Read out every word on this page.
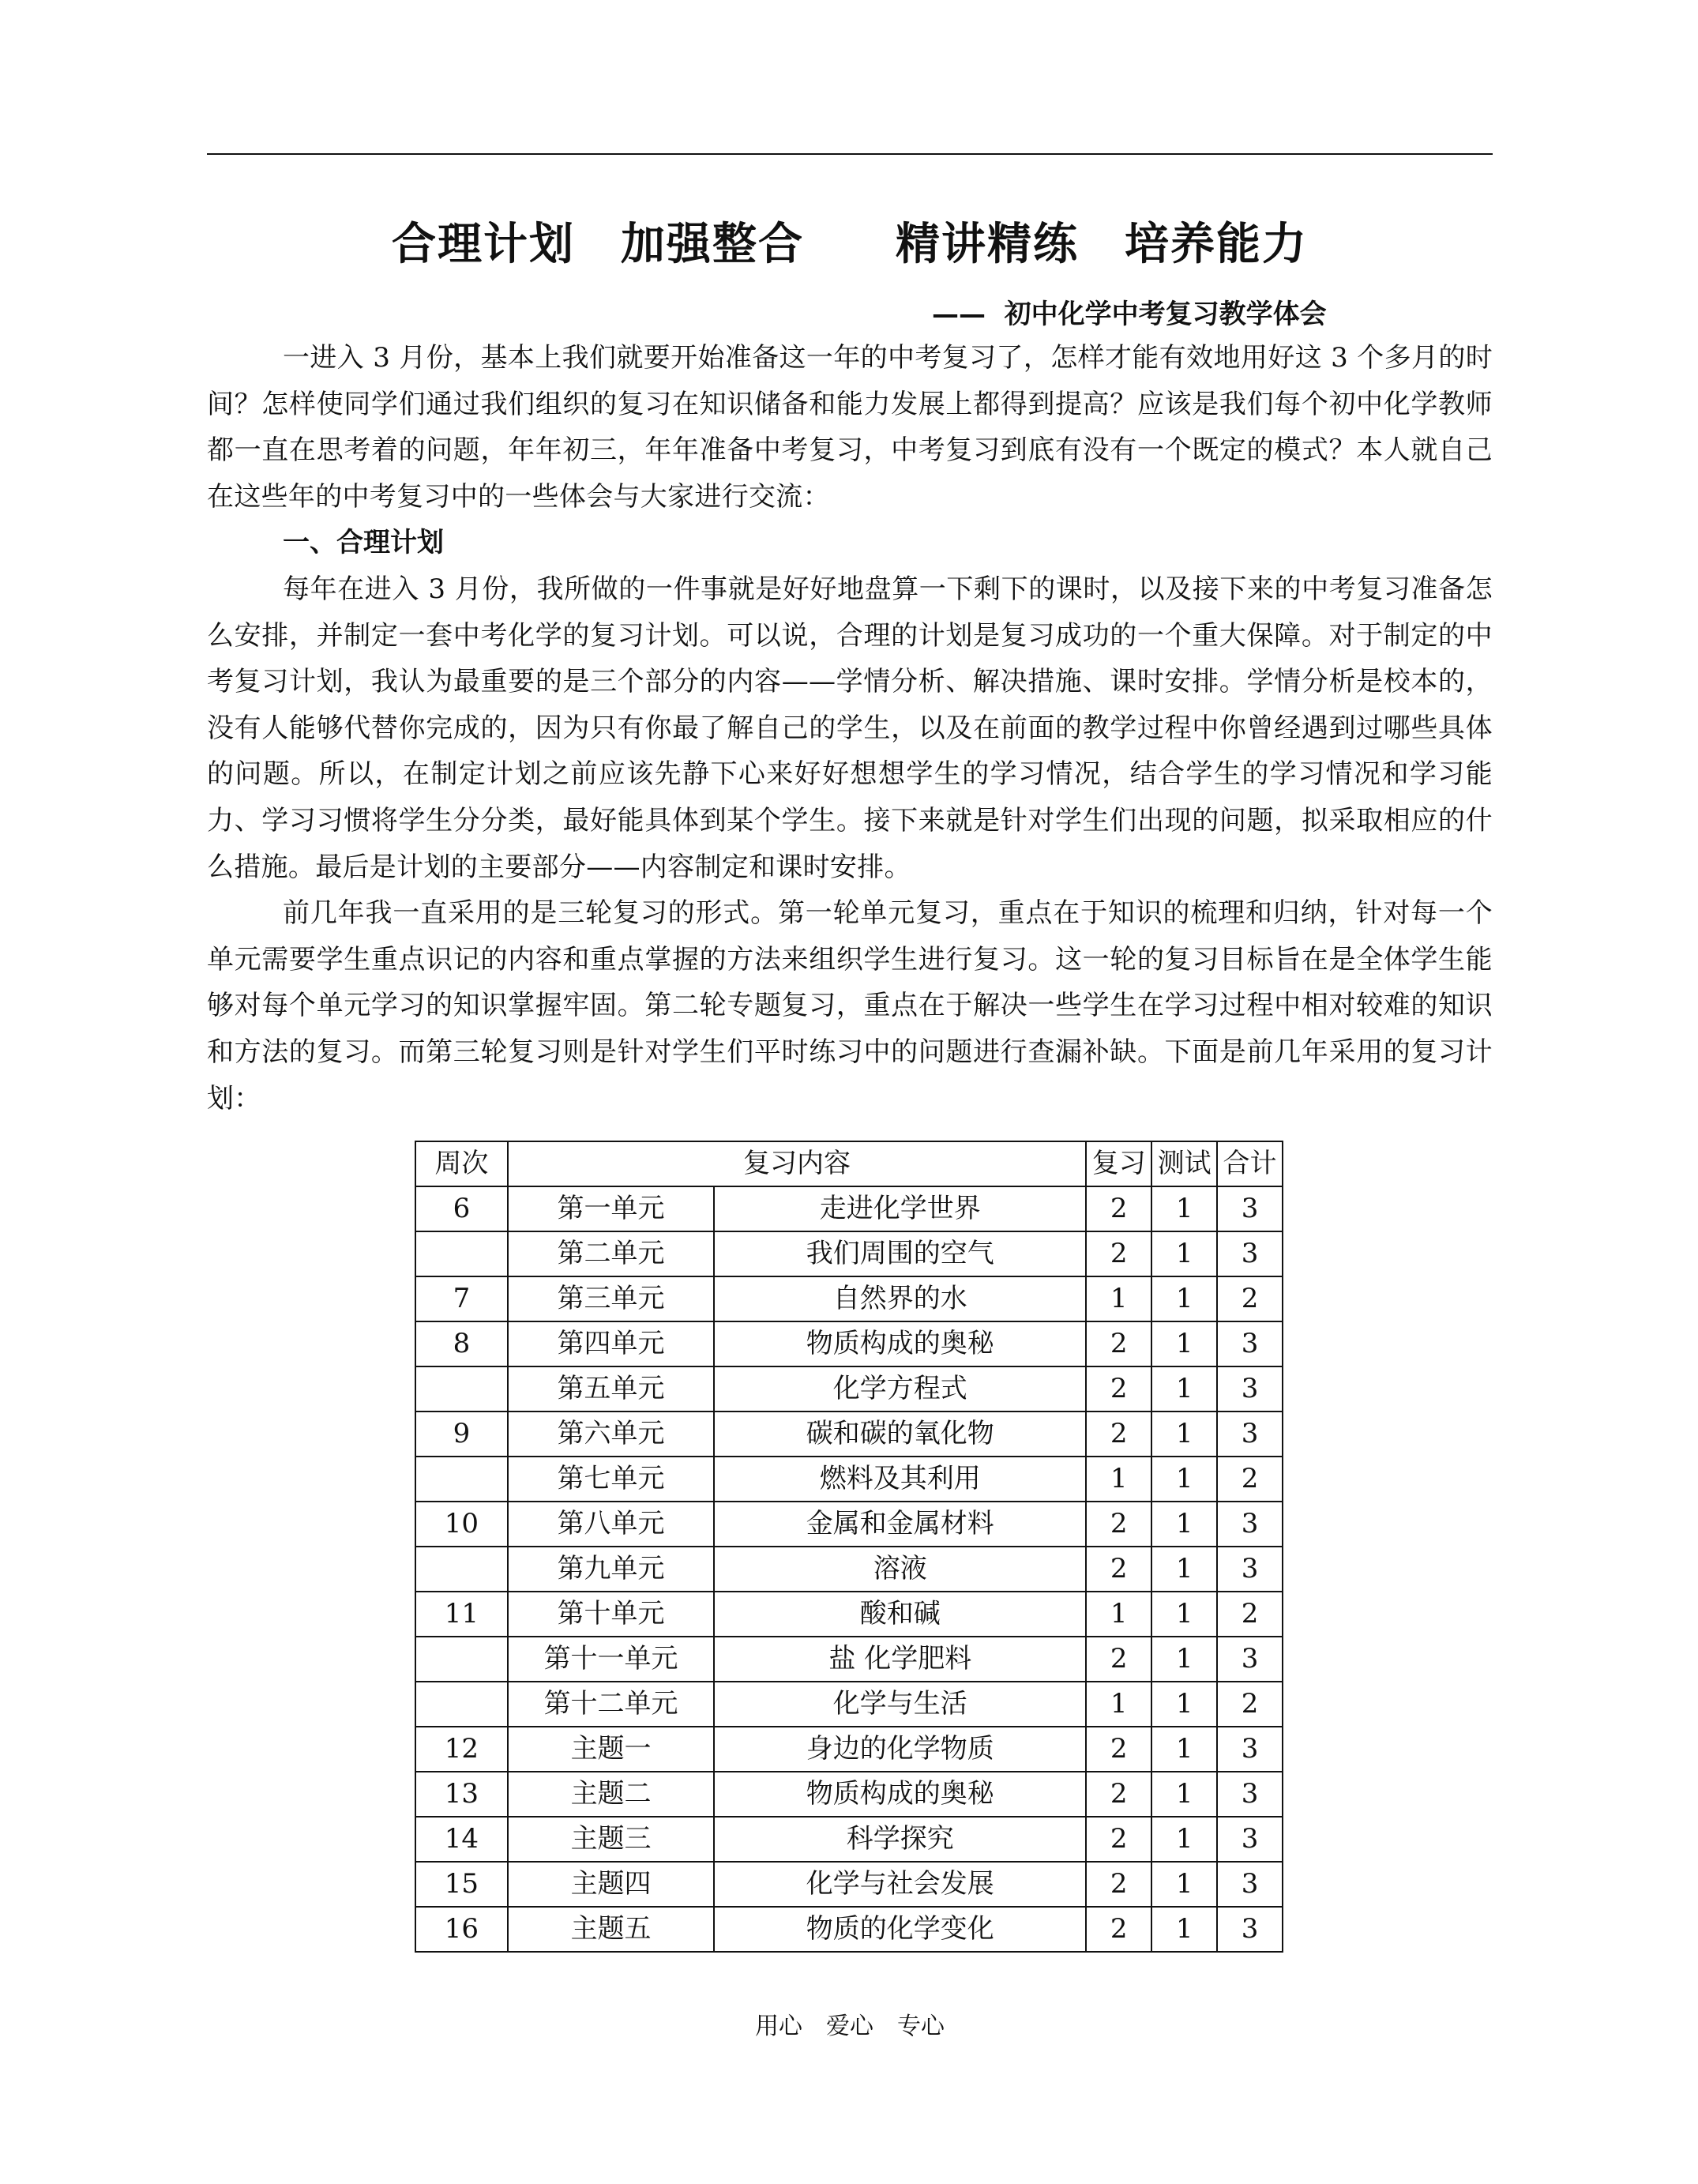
合理计划　加强整合　　精讲精练　培养能力
——  初中化学中考复习教学体会

一进入 3 月份，基本上我们就要开始准备这一年的中考复习了，怎样才能有效地用好这 3 个多月的时间？怎样使同学们通过我们组织的复习在知识储备和能力发展上都得到提高？应该是我们每个初中化学教师都一直在思考着的问题，年年初三，年年准备中考复习，中考复习到底有没有一个既定的模式？本人就自己在这些年的中考复习中的一些体会与大家进行交流：

一、合理计划

每年在进入 3 月份，我所做的一件事就是好好地盘算一下剩下的课时，以及接下来的中考复习准备怎么安排，并制定一套中考化学的复习计划。可以说，合理的计划是复习成功的一个重大保障。对于制定的中考复习计划，我认为最重要的是三个部分的内容——学情分析、解决措施、课时安排。学情分析是校本的，没有人能够代替你完成的，因为只有你最了解自己的学生，以及在前面的教学过程中你曾经遇到过哪些具体的问题。所以，在制定计划之前应该先静下心来好好想想学生的学习情况，结合学生的学习情况和学习能力、学习习惯将学生分分类，最好能具体到某个学生。接下来就是针对学生们出现的问题，拟采取相应的什么措施。最后是计划的主要部分——内容制定和课时安排。

前几年我一直采用的是三轮复习的形式。第一轮单元复习，重点在于知识的梳理和归纳，针对每一个单元需要学生重点识记的内容和重点掌握的方法来组织学生进行复习。这一轮的复习目标旨在是全体学生能够对每个单元学习的知识掌握牢固。第二轮专题复习，重点在于解决一些学生在学习过程中相对较难的知识和方法的复习。而第三轮复习则是针对学生们平时练习中的问题进行查漏补缺。下面是前几年采用的复习计划：

周次	复习内容		复习	测试	合计
6	第一单元	走进化学世界	2	1	3
	第二单元	我们周围的空气	2	1	3
7	第三单元	自然界的水	1	1	2
8	第四单元	物质构成的奥秘	2	1	3
	第五单元	化学方程式	2	1	3
9	第六单元	碳和碳的氧化物	2	1	3
	第七单元	燃料及其利用	1	1	2
10	第八单元	金属和金属材料	2	1	3
	第九单元	溶液	2	1	3
11	第十单元	酸和碱	1	1	2
	第十一单元	盐 化学肥料	2	1	3
	第十二单元	化学与生活	1	1	2
12	主题一	身边的化学物质	2	1	3
13	主题二	物质构成的奥秘	2	1	3
14	主题三	科学探究	2	1	3
15	主题四	化学与社会发展	2	1	3
16	主题五	物质的化学变化	2	1	3
用心　爱心　专心
